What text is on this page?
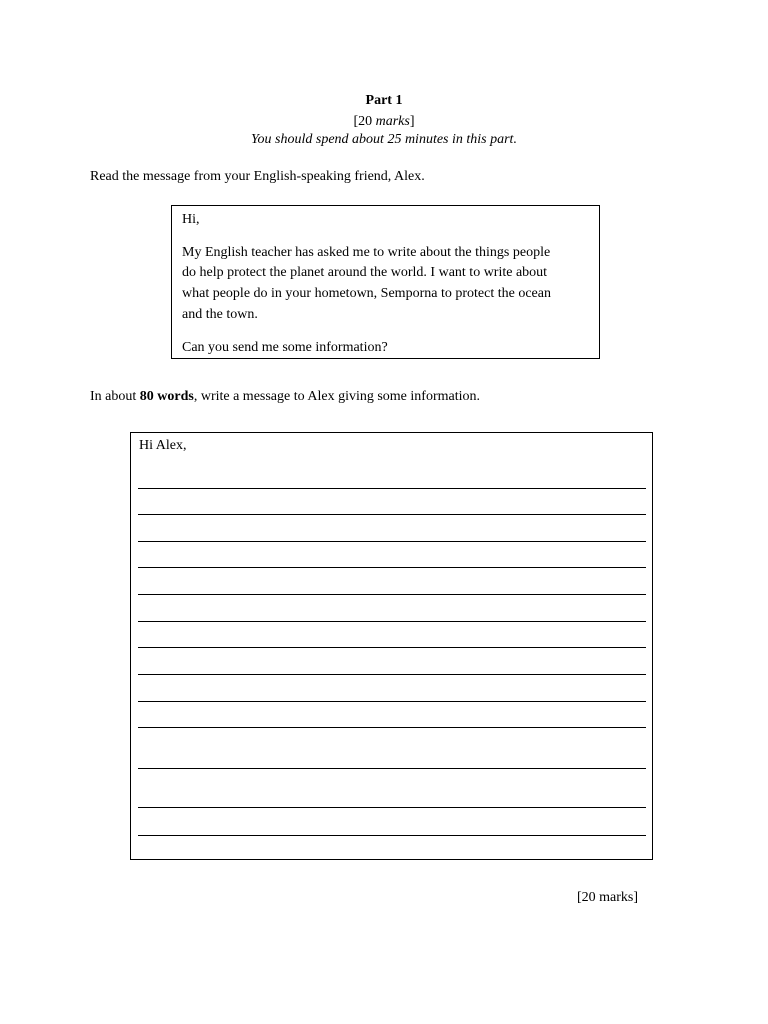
Part 1
[20 marks]
You should spend about 25 minutes in this part.
Read the message from your English-speaking friend, Alex.
Hi,
My English teacher has asked me to write about the things people
do help protect the planet around the world. I want to write about
what people do in your hometown, Semporna to protect the ocean
and the town.
Can you send me some information?
In about 80 words, write a message to Alex giving some information.
Hi Alex,
[20 marks]
